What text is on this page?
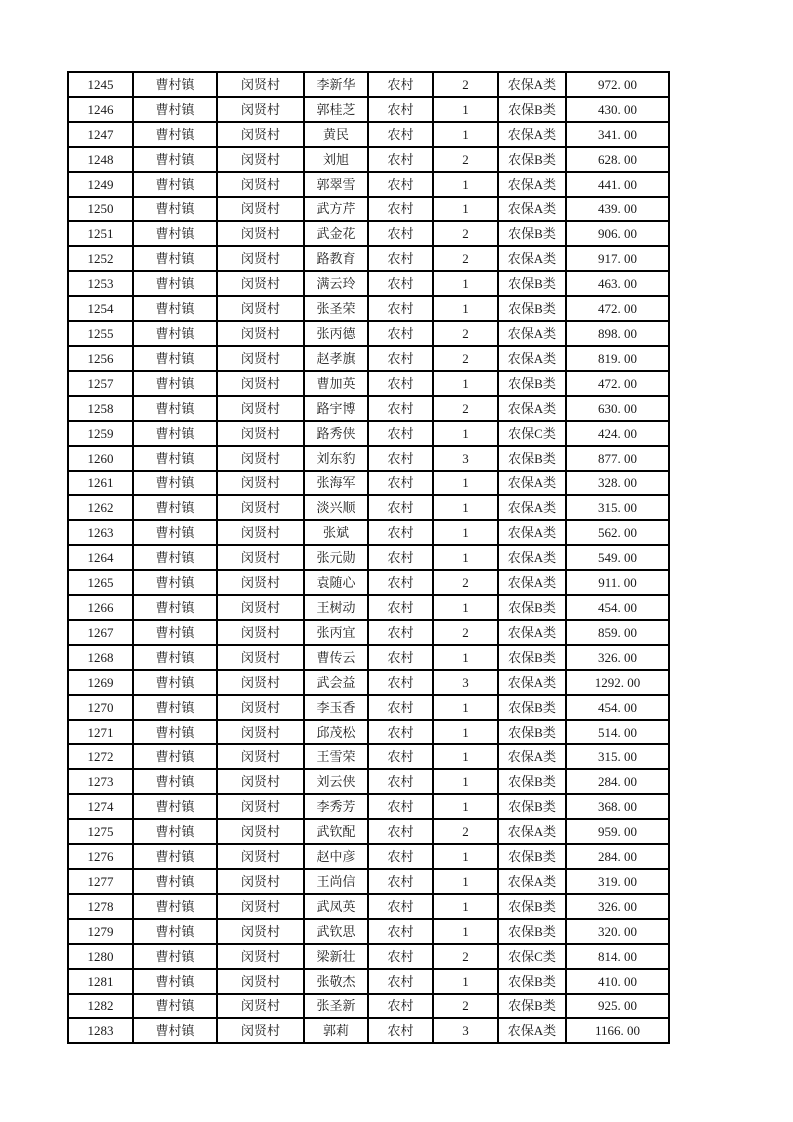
1245	曹村镇	闵贤村	李新华	农村	2	农保A类	972. 00
1246	曹村镇	闵贤村	郭桂芝	农村	1	农保B类	430. 00
1247	曹村镇	闵贤村	黄民	农村	1	农保A类	341. 00
1248	曹村镇	闵贤村	刘旭	农村	2	农保B类	628. 00
1249	曹村镇	闵贤村	郭翠雪	农村	1	农保A类	441. 00
1250	曹村镇	闵贤村	武方芹	农村	1	农保A类	439. 00
1251	曹村镇	闵贤村	武金花	农村	2	农保B类	906. 00
1252	曹村镇	闵贤村	路教育	农村	2	农保A类	917. 00
1253	曹村镇	闵贤村	满云玲	农村	1	农保B类	463. 00
1254	曹村镇	闵贤村	张圣荣	农村	1	农保B类	472. 00
1255	曹村镇	闵贤村	张丙德	农村	2	农保A类	898. 00
1256	曹村镇	闵贤村	赵孝旗	农村	2	农保A类	819. 00
1257	曹村镇	闵贤村	曹加英	农村	1	农保B类	472. 00
1258	曹村镇	闵贤村	路宇博	农村	2	农保A类	630. 00
1259	曹村镇	闵贤村	路秀侠	农村	1	农保C类	424. 00
1260	曹村镇	闵贤村	刘东豹	农村	3	农保B类	877. 00
1261	曹村镇	闵贤村	张海军	农村	1	农保A类	328. 00
1262	曹村镇	闵贤村	淡兴顺	农村	1	农保A类	315. 00
1263	曹村镇	闵贤村	张斌	农村	1	农保A类	562. 00
1264	曹村镇	闵贤村	张元勋	农村	1	农保A类	549. 00
1265	曹村镇	闵贤村	袁随心	农村	2	农保A类	911. 00
1266	曹村镇	闵贤村	王树动	农村	1	农保B类	454. 00
1267	曹村镇	闵贤村	张丙宜	农村	2	农保A类	859. 00
1268	曹村镇	闵贤村	曹传云	农村	1	农保B类	326. 00
1269	曹村镇	闵贤村	武会益	农村	3	农保A类	1292. 00
1270	曹村镇	闵贤村	李玉香	农村	1	农保B类	454. 00
1271	曹村镇	闵贤村	邱茂松	农村	1	农保B类	514. 00
1272	曹村镇	闵贤村	王雪荣	农村	1	农保A类	315. 00
1273	曹村镇	闵贤村	刘云侠	农村	1	农保B类	284. 00
1274	曹村镇	闵贤村	李秀芳	农村	1	农保B类	368. 00
1275	曹村镇	闵贤村	武钦配	农村	2	农保A类	959. 00
1276	曹村镇	闵贤村	赵中彦	农村	1	农保B类	284. 00
1277	曹村镇	闵贤村	王尚信	农村	1	农保A类	319. 00
1278	曹村镇	闵贤村	武凤英	农村	1	农保B类	326. 00
1279	曹村镇	闵贤村	武钦思	农村	1	农保B类	320. 00
1280	曹村镇	闵贤村	梁新壮	农村	2	农保C类	814. 00
1281	曹村镇	闵贤村	张敬杰	农村	1	农保B类	410. 00
1282	曹村镇	闵贤村	张圣新	农村	2	农保B类	925. 00
1283	曹村镇	闵贤村	郭莉	农村	3	农保A类	1166. 00
